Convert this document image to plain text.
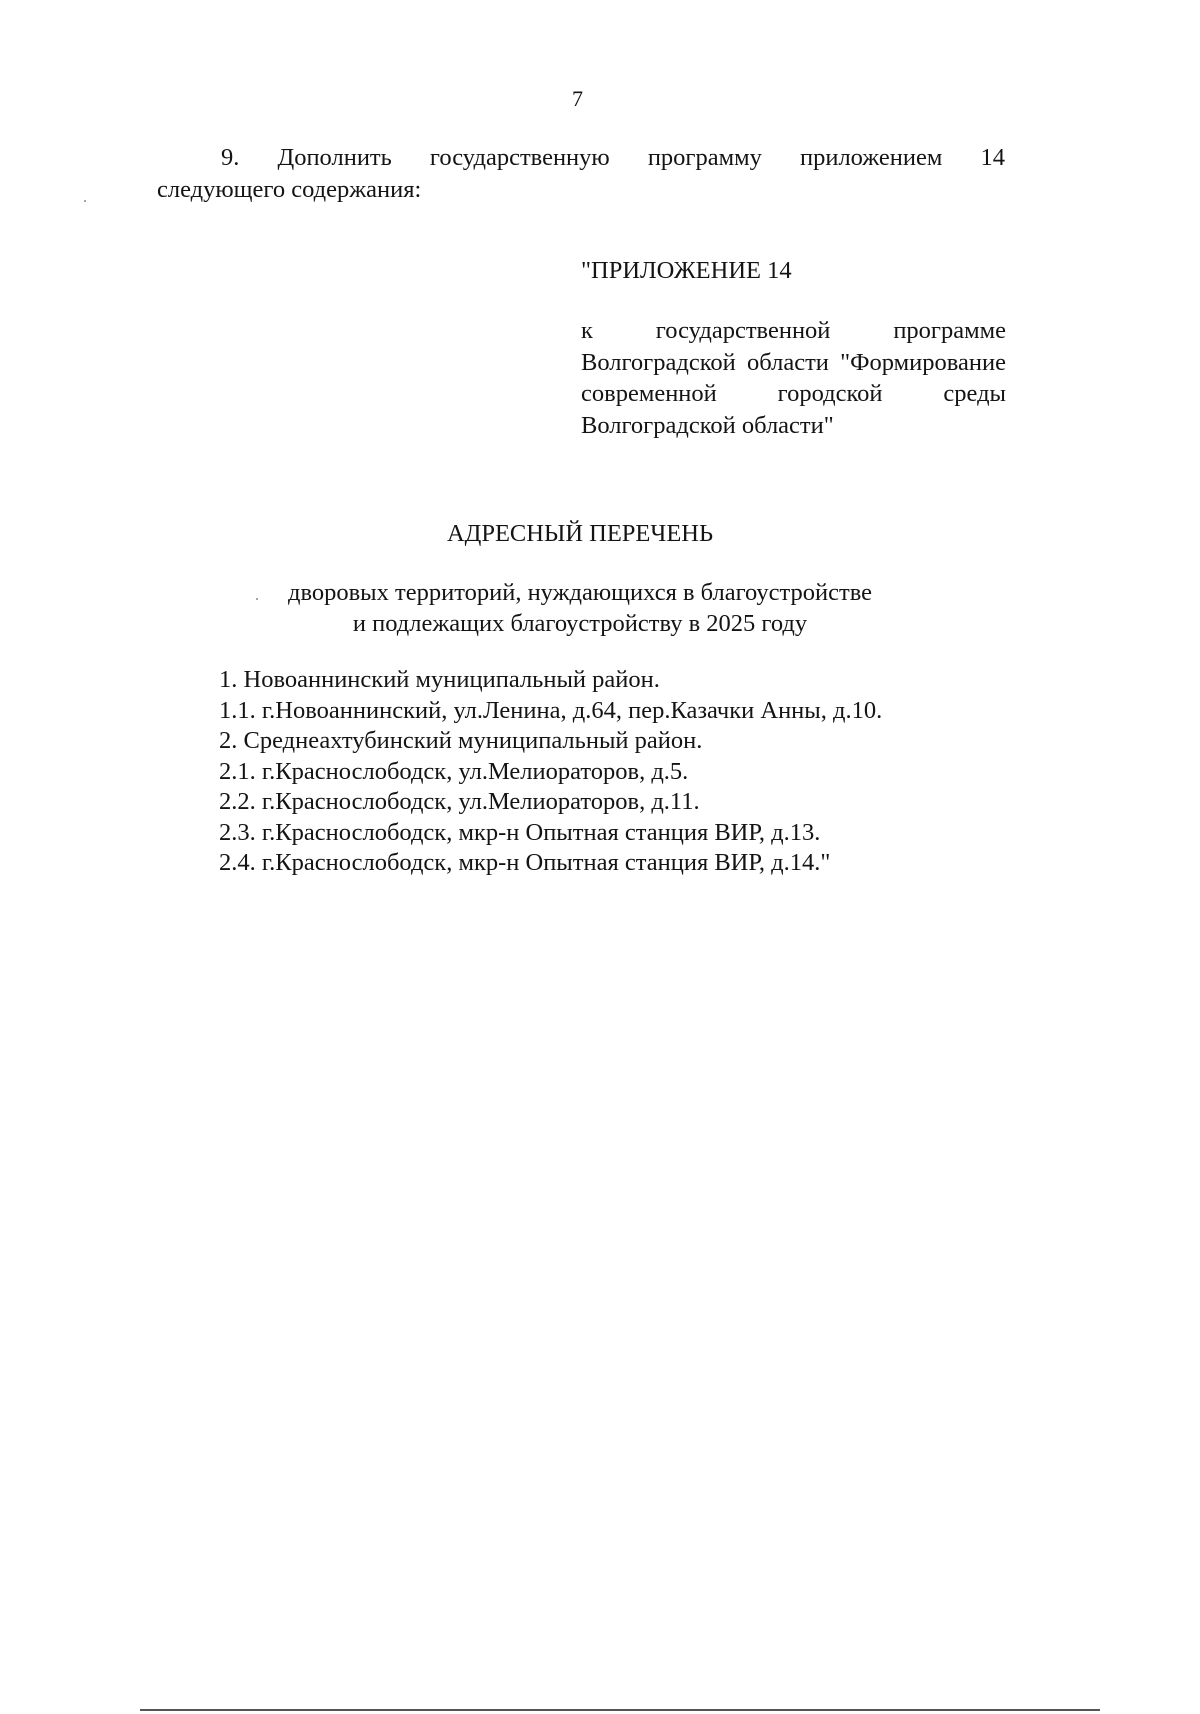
7
9. Дополнить государственную программу приложением 14
следующего содержания:
"ПРИЛОЖЕНИЕ 14
к государственной программе Волгоградской области "Формирование современной городской среды Волгоградской области"
АДРЕСНЫЙ ПЕРЕЧЕНЬ
дворовых территорий, нуждающихся в благоустройстве
и подлежащих благоустройству в 2025 году
1. Новоаннинский муниципальный район.
1.1. г.Новоаннинский, ул.Ленина, д.64, пер.Казачки Анны, д.10.
2. Среднеахтубинский муниципальный район.
2.1. г.Краснослободск, ул.Мелиораторов, д.5.
2.2. г.Краснослободск, ул.Мелиораторов, д.11.
2.3. г.Краснослободск, мкр-н Опытная станция ВИР, д.13.
2.4. г.Краснослободск, мкр-н Опытная станция ВИР, д.14."
